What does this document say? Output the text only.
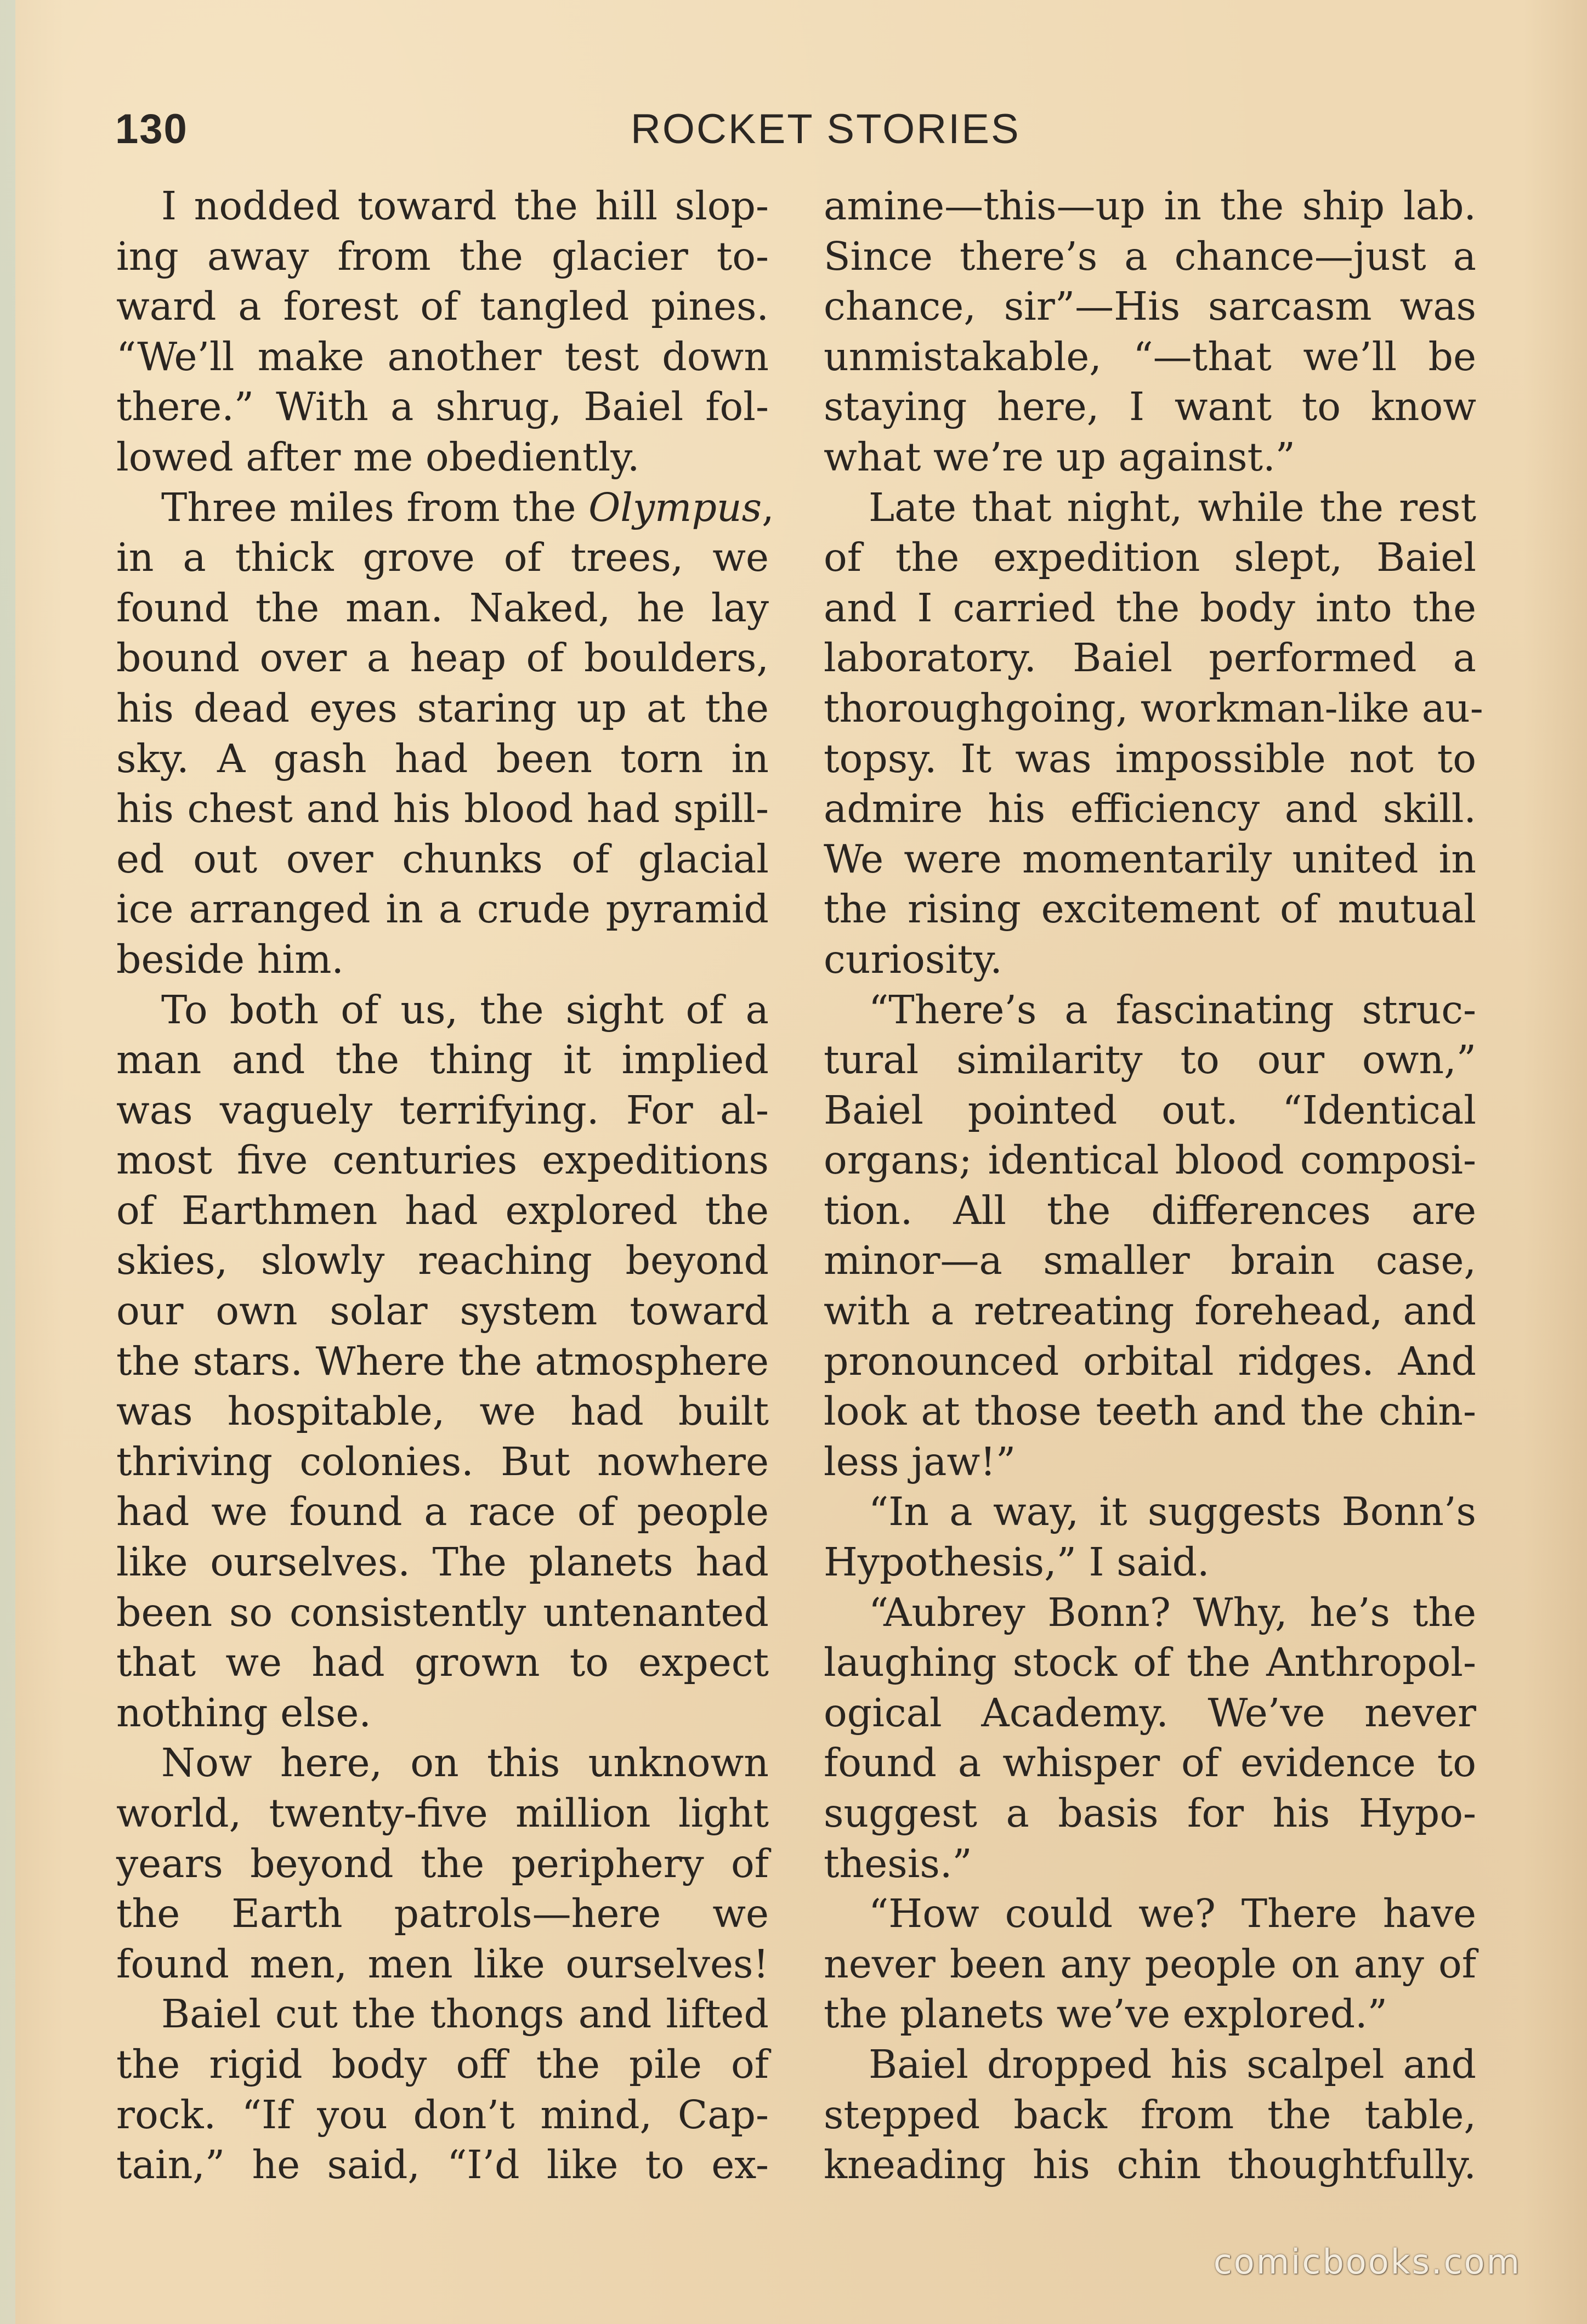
130	ROCKET STORIES
I nodded toward the hill slop-
ing away from the glacier to-
ward a forest of tangled pines.
“We’ll make another test down
there.” With a shrug, Baiel fol-
lowed after me obediently.
Three miles from the Olympus,
in a thick grove of trees, we
found the man. Naked, he lay
bound over a heap of boulders,
his dead eyes staring up at the
sky. A gash had been torn in
his chest and his blood had spill-
ed out over chunks of glacial
ice arranged in a crude pyramid
beside him.
To both of us, the sight of a
man and the thing it implied
was vaguely terrifying. For al-
most five centuries expeditions
of Earthmen had explored the
skies, slowly reaching beyond
our own solar system toward
the stars. Where the atmosphere
was hospitable, we had built
thriving colonies. But nowhere
had we found a race of people
like ourselves. The planets had
been so consistently untenanted
that we had grown to expect
nothing else.
Now here, on this unknown
world, twenty-five million light
years beyond the periphery of
the Earth patrols—here we
found men, men like ourselves!
Baiel cut the thongs and lifted
the rigid body off the pile of
rock. “If you don’t mind, Cap-
tain,” he said, “I’d like to ex-
amine—this—up in the ship lab.
Since there’s a chance—just a
chance, sir”—His sarcasm was
unmistakable, “—that we’ll be
staying here, I want to know
what we’re up against.”
Late that night, while the rest
of the expedition slept, Baiel
and I carried the body into the
laboratory. Baiel performed a
thoroughgoing, workman-like au-
topsy. It was impossible not to
admire his efficiency and skill.
We were momentarily united in
the rising excitement of mutual
curiosity.
“There’s a fascinating struc-
tural similarity to our own,”
Baiel pointed out. “Identical
organs; identical blood composi-
tion. All the differences are
minor—a smaller brain case,
with a retreating forehead, and
pronounced orbital ridges. And
look at those teeth and the chin-
less jaw!”
“In a way, it suggests Bonn’s
Hypothesis,” I said.
“Aubrey Bonn? Why, he’s the
laughing stock of the Anthropol-
ogical Academy. We’ve never
found a whisper of evidence to
suggest a basis for his Hypo-
thesis.”
“How could we? There have
never been any people on any of
the planets we’ve explored.”
Baiel dropped his scalpel and
stepped back from the table,
kneading his chin thoughtfully.
comicbooks.com
